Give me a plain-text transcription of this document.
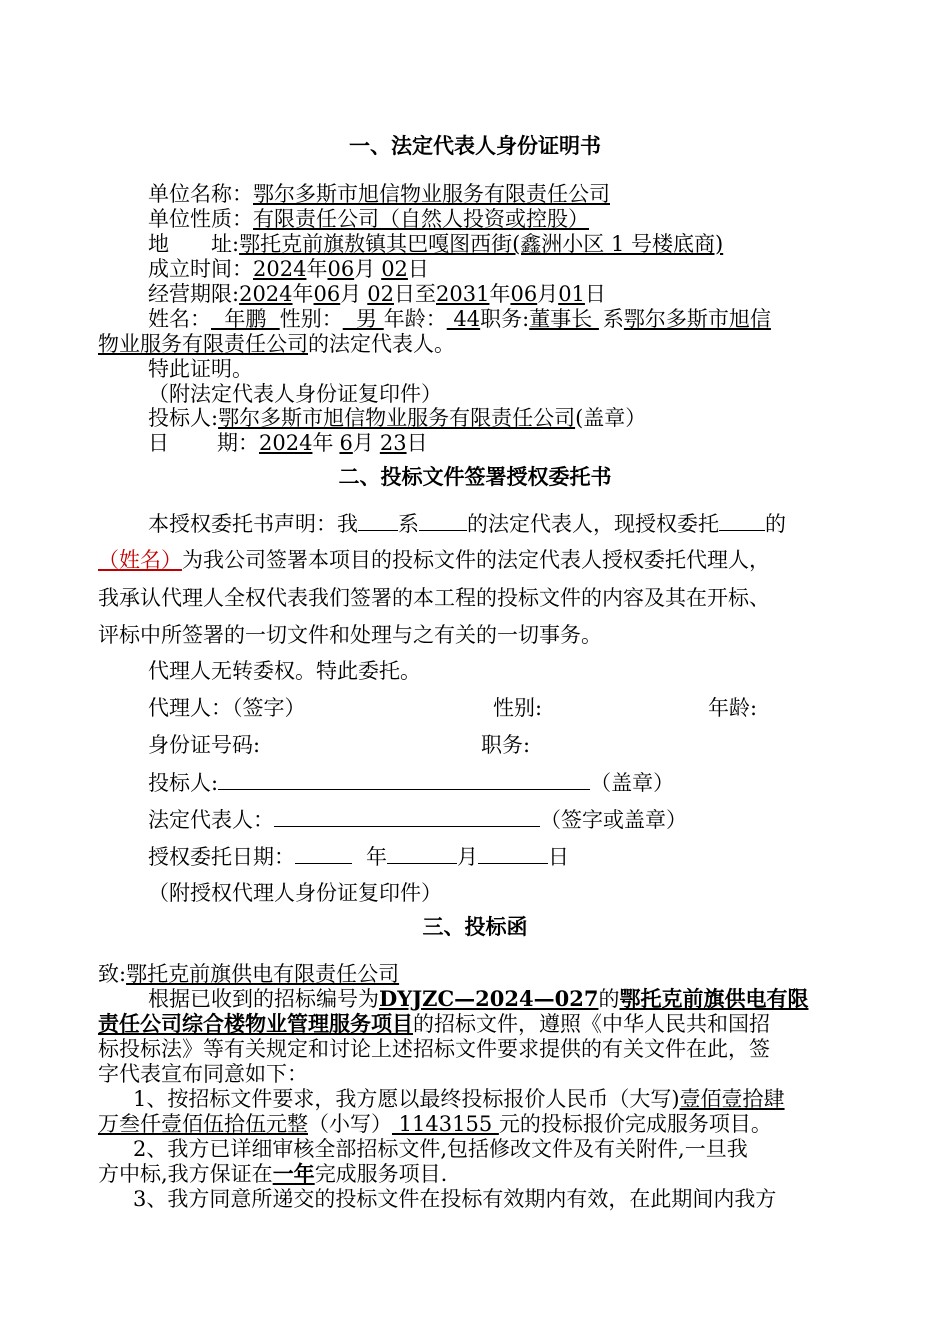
一、法定代表人身份证明书
单位名称：鄂尔多斯市旭信物业服务有限责任公司
单位性质：有限责任公司（自然人投资或控股）
地 址:鄂托克前旗敖镇其巴嘎图西街(鑫洲小区 1 号楼底商)
成立时间：2024年06月 02日
经营期限:2024年06月 02日至2031年06月01日
姓名：  年鹏  性别：  男 年龄： 44职务:董事长 系鄂尔多斯市旭信
物业服务有限责任公司的法定代表人。
特此证明。
（附法定代表人身份证复印件）
投标人:鄂尔多斯市旭信物业服务有限责任公司(盖章）
日 期：2024年 6月 23日
二、投标文件签署授权委托书
本授权委托书声明：我 系 的法定代表人，现授权委托 的
（姓名）为我公司签署本项目的投标文件的法定代表人授权委托代理人，
我承认代理人全权代表我们签署的本工程的投标文件的内容及其在开标、
评标中所签署的一切文件和处理与之有关的一切事务。
代理人无转委权。特此委托。
代理人：（签字）	性别:	年龄:
身份证号码:	职务:
投标人:	（盖章）
法定代表人：	（签字或盖章）
授权委托日期：	年	月	日
（附授权代理人身份证复印件）
三、投标函
致:鄂托克前旗供电有限责任公司
根据已收到的招标编号为DYJZC—2024—027的鄂托克前旗供电有限
责任公司综合楼物业管理服务项目的招标文件，遵照《中华人民共和国招
标投标法》等有关规定和讨论上述招标文件要求提供的有关文件在此，签
字代表宣布同意如下：
1、按招标文件要求，我方愿以最终投标报价人民币（大写)壹佰壹拾肆
万叁仟壹佰伍拾伍元整（小写） 1143155 元的投标报价完成服务项目。
2、我方已详细审核全部招标文件,包括修改文件及有关附件,一旦我
方中标,我方保证在一年完成服务项目.
3、我方同意所递交的投标文件在投标有效期内有效，在此期间内我方
